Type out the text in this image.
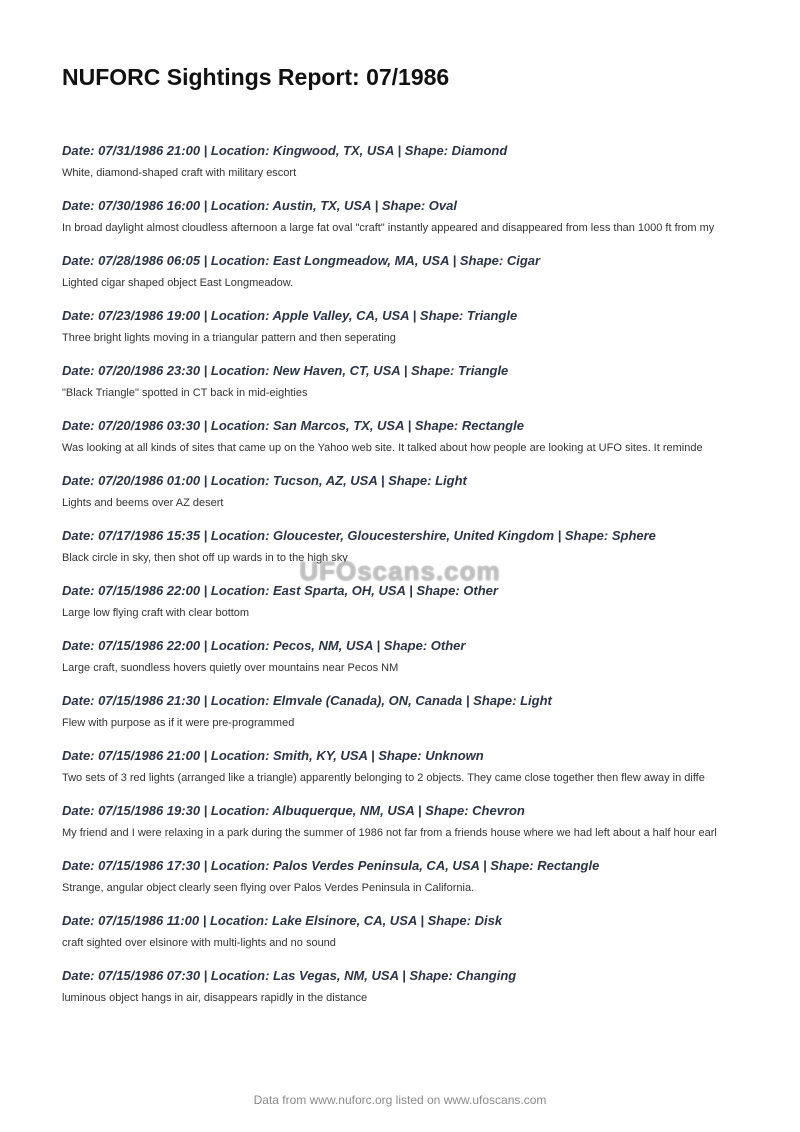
NUFORC Sightings Report: 07/1986
Date: 07/31/1986 21:00 | Location: Kingwood, TX, USA | Shape: Diamond
White, diamond-shaped craft with military escort
Date: 07/30/1986 16:00 | Location: Austin, TX, USA | Shape: Oval
In broad daylight almost cloudless afternoon a large fat oval "craft" instantly appeared and disappeared from less than 1000 ft from my
Date: 07/28/1986 06:05 | Location: East Longmeadow, MA, USA | Shape: Cigar
Lighted cigar shaped object East Longmeadow.
Date: 07/23/1986 19:00 | Location: Apple Valley, CA, USA | Shape: Triangle
Three bright lights moving in a triangular pattern and then seperating
Date: 07/20/1986 23:30 | Location: New Haven, CT, USA | Shape: Triangle
"Black Triangle" spotted in CT back in mid-eighties
Date: 07/20/1986 03:30 | Location: San Marcos, TX, USA | Shape: Rectangle
Was looking at all kinds of sites that came up on the Yahoo web site. It talked about how people are looking at UFO sites. It reminde
Date: 07/20/1986 01:00 | Location: Tucson, AZ, USA | Shape: Light
Lights and beems over AZ desert
Date: 07/17/1986 15:35 | Location: Gloucester, Gloucestershire, United Kingdom | Shape: Sphere
Black circle in sky, then shot off up wards in to the high sky
Date: 07/15/1986 22:00 | Location: East Sparta, OH, USA | Shape: Other
Large low flying craft with clear bottom
Date: 07/15/1986 22:00 | Location: Pecos, NM, USA | Shape: Other
Large craft, suondless hovers quietly over mountains near Pecos NM
Date: 07/15/1986 21:30 | Location: Elmvale (Canada), ON, Canada | Shape: Light
Flew with purpose as if it were pre-programmed
Date: 07/15/1986 21:00 | Location: Smith, KY, USA | Shape: Unknown
Two sets of 3 red lights (arranged like a triangle) apparently belonging to 2 objects. They came close together then flew away in diffe
Date: 07/15/1986 19:30 | Location: Albuquerque, NM, USA | Shape: Chevron
My friend and I were relaxing in a park during the summer of 1986 not far from a friends house where we had left about a half hour earl
Date: 07/15/1986 17:30 | Location: Palos Verdes Peninsula, CA, USA | Shape: Rectangle
Strange, angular object clearly seen flying over Palos Verdes Peninsula in California.
Date: 07/15/1986 11:00 | Location: Lake Elsinore, CA, USA | Shape: Disk
craft sighted over elsinore with multi-lights and no sound
Date: 07/15/1986 07:30 | Location: Las Vegas, NM, USA | Shape: Changing
luminous object hangs in air, disappears rapidly in the distance
UFOscans.com
Data from www.nuforc.org listed on www.ufoscans.com
